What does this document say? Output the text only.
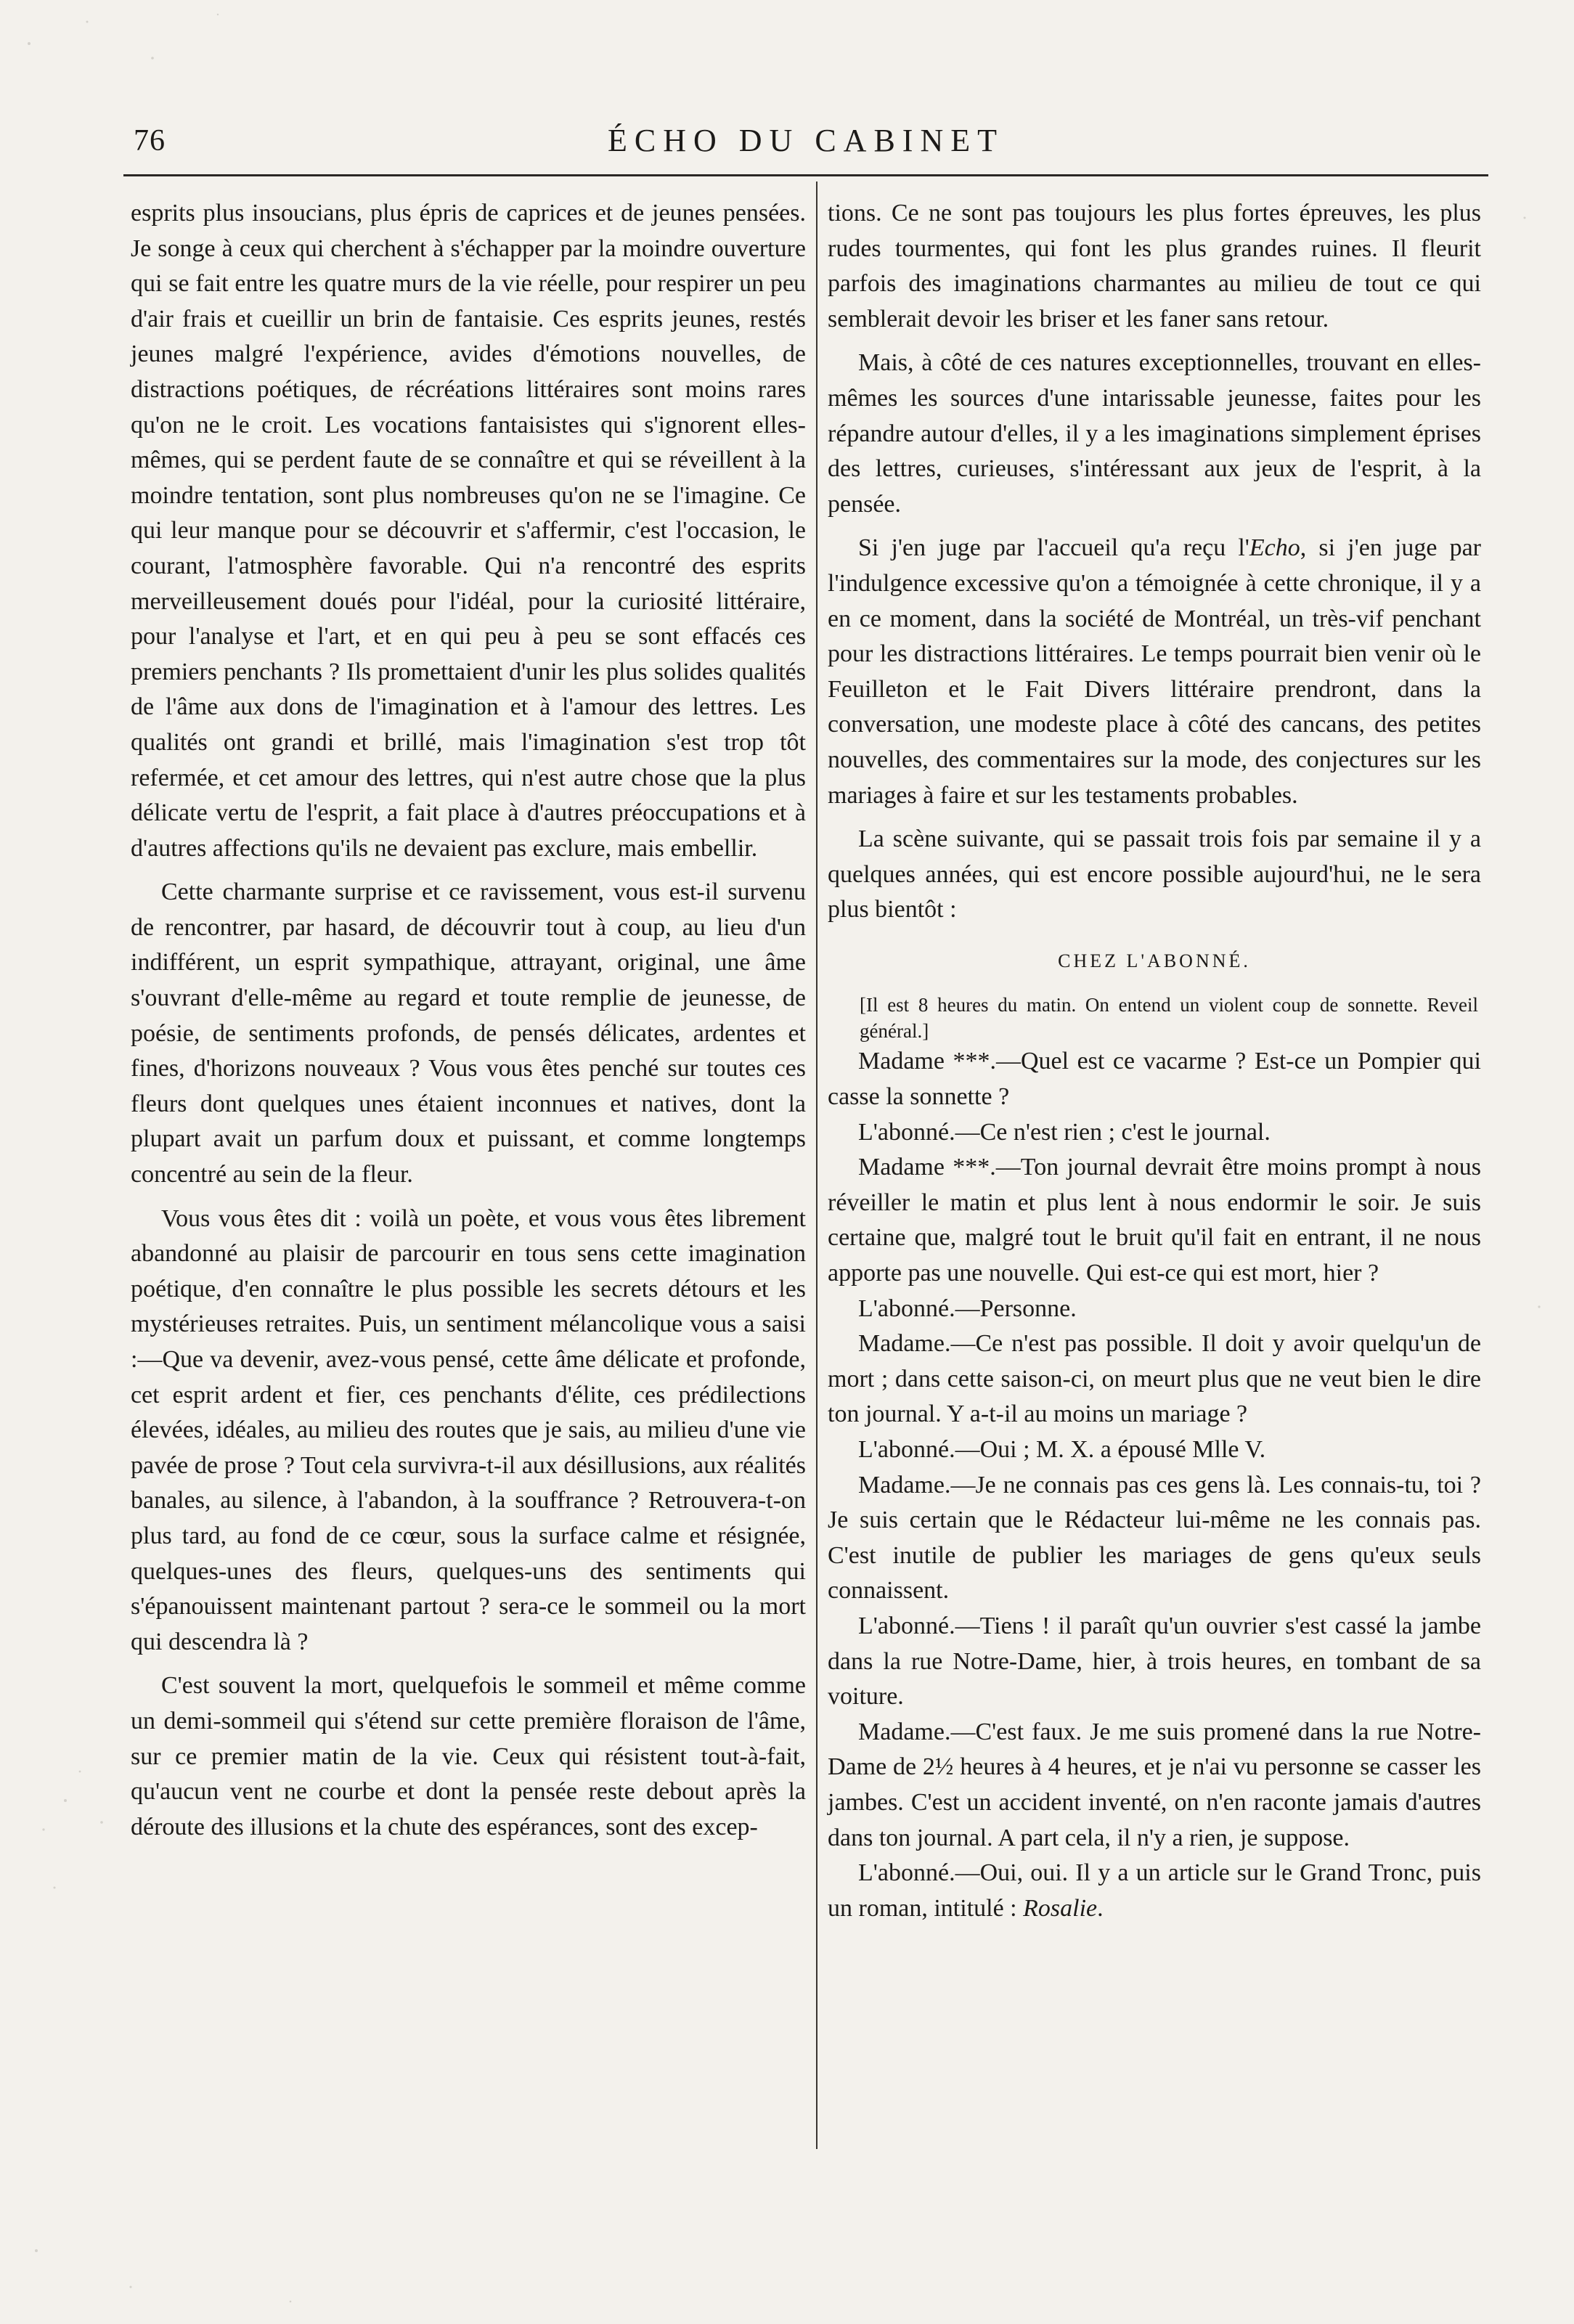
76	ÉCHO DU CABINET

esprits plus insoucians, plus épris de caprices et de jeunes pensées. Je songe à ceux qui cherchent à s'échapper par la moindre ouverture qui se fait entre les quatre murs de la vie réelle, pour respirer un peu d'air frais et cueillir un brin de fantaisie. Ces esprits jeunes, restés jeunes malgré l'expérience, avides d'émotions nouvelles, de distractions poétiques, de récréations littéraires sont moins rares qu'on ne le croit. Les vocations fantaisistes qui s'ignorent elles-mêmes, qui se perdent faute de se connaître et qui se réveillent à la moindre tentation, sont plus nombreuses qu'on ne se l'imagine. Ce qui leur manque pour se découvrir et s'affermir, c'est l'occasion, le courant, l'atmosphère favorable. Qui n'a rencontré des esprits merveilleusement doués pour l'idéal, pour la curiosité littéraire, pour l'analyse et l'art, et en qui peu à peu se sont effacés ces premiers penchants ? Ils promettaient d'unir les plus solides qualités de l'âme aux dons de l'imagination et à l'amour des lettres. Les qualités ont grandi et brillé, mais l'imagination s'est trop tôt refermée, et cet amour des lettres, qui n'est autre chose que la plus délicate vertu de l'esprit, a fait place à d'autres préoccupations et à d'autres affections qu'ils ne devaient pas exclure, mais embellir.

Cette charmante surprise et ce ravissement, vous est-il survenu de rencontrer, par hasard, de découvrir tout à coup, au lieu d'un indifférent, un esprit sympathique, attrayant, original, une âme s'ouvrant d'elle-même au regard et toute remplie de jeunesse, de poésie, de sentiments profonds, de pensés délicates, ardentes et fines, d'horizons nouveaux ? Vous vous êtes penché sur toutes ces fleurs dont quelques unes étaient inconnues et natives, dont la plupart avait un parfum doux et puissant, et comme longtemps concentré au sein de la fleur.

Vous vous êtes dit : voilà un poète, et vous vous êtes librement abandonné au plaisir de parcourir en tous sens cette imagination poétique, d'en connaître le plus possible les secrets détours et les mystérieuses retraites. Puis, un sentiment mélancolique vous a saisi :—Que va devenir, avez-vous pensé, cette âme délicate et profonde, cet esprit ardent et fier, ces penchants d'élite, ces prédilections élevées, idéales, au milieu des routes que je sais, au milieu d'une vie pavée de prose ? Tout cela survivra-t-il aux désillusions, aux réalités banales, au silence, à l'abandon, à la souffrance ? Retrouvera-t-on plus tard, au fond de ce cœur, sous la surface calme et résignée, quelques-unes des fleurs, quelques-uns des sentiments qui s'épanouissent maintenant partout ? sera-ce le sommeil ou la mort qui descendra là ?

C'est souvent la mort, quelquefois le sommeil et même comme un demi-sommeil qui s'étend sur cette première floraison de l'âme, sur ce premier matin de la vie. Ceux qui résistent tout-à-fait, qu'aucun vent ne courbe et dont la pensée reste debout après la déroute des illusions et la chute des espérances, sont des excep-

tions. Ce ne sont pas toujours les plus fortes épreuves, les plus rudes tourmentes, qui font les plus grandes ruines. Il fleurit parfois des imaginations charmantes au milieu de tout ce qui semblerait devoir les briser et les faner sans retour.

Mais, à côté de ces natures exceptionnelles, trouvant en elles-mêmes les sources d'une intarissable jeunesse, faites pour les répandre autour d'elles, il y a les imaginations simplement éprises des lettres, curieuses, s'intéressant aux jeux de l'esprit, à la pensée.

Si j'en juge par l'accueil qu'a reçu l'Echo, si j'en juge par l'indulgence excessive qu'on a témoignée à cette chronique, il y a en ce moment, dans la société de Montréal, un très-vif penchant pour les distractions littéraires. Le temps pourrait bien venir où le Feuilleton et le Fait Divers littéraire prendront, dans la conversation, une modeste place à côté des cancans, des petites nouvelles, des commentaires sur la mode, des conjectures sur les mariages à faire et sur les testaments probables.

La scène suivante, qui se passait trois fois par semaine il y a quelques années, qui est encore possible aujourd'hui, ne le sera plus bientôt :

CHEZ L'ABONNÉ.

[Il est 8 heures du matin. On entend un violent coup de sonnette. Reveil général.]

Madame ***.—Quel est ce vacarme ? Est-ce un Pompier qui casse la sonnette ?

L'abonné.—Ce n'est rien ; c'est le journal.

Madame ***.—Ton journal devrait être moins prompt à nous réveiller le matin et plus lent à nous endormir le soir. Je suis certaine que, malgré tout le bruit qu'il fait en entrant, il ne nous apporte pas une nouvelle. Qui est-ce qui est mort, hier ?

L'abonné.—Personne.

Madame.—Ce n'est pas possible. Il doit y avoir quelqu'un de mort ; dans cette saison-ci, on meurt plus que ne veut bien le dire ton journal. Y a-t-il au moins un mariage ?

L'abonné.—Oui ; M. X. a épousé Mlle V.

Madame.—Je ne connais pas ces gens là. Les connais-tu, toi ? Je suis certain que le Rédacteur lui-même ne les connais pas. C'est inutile de publier les mariages de gens qu'eux seuls connaissent.

L'abonné.—Tiens ! il paraît qu'un ouvrier s'est cassé la jambe dans la rue Notre-Dame, hier, à trois heures, en tombant de sa voiture.

Madame.—C'est faux. Je me suis promené dans la rue Notre-Dame de 2½ heures à 4 heures, et je n'ai vu personne se casser les jambes. C'est un accident inventé, on n'en raconte jamais d'autres dans ton journal. A part cela, il n'y a rien, je suppose.

L'abonné.—Oui, oui. Il y a un article sur le Grand Tronc, puis un roman, intitulé : Rosalie.
